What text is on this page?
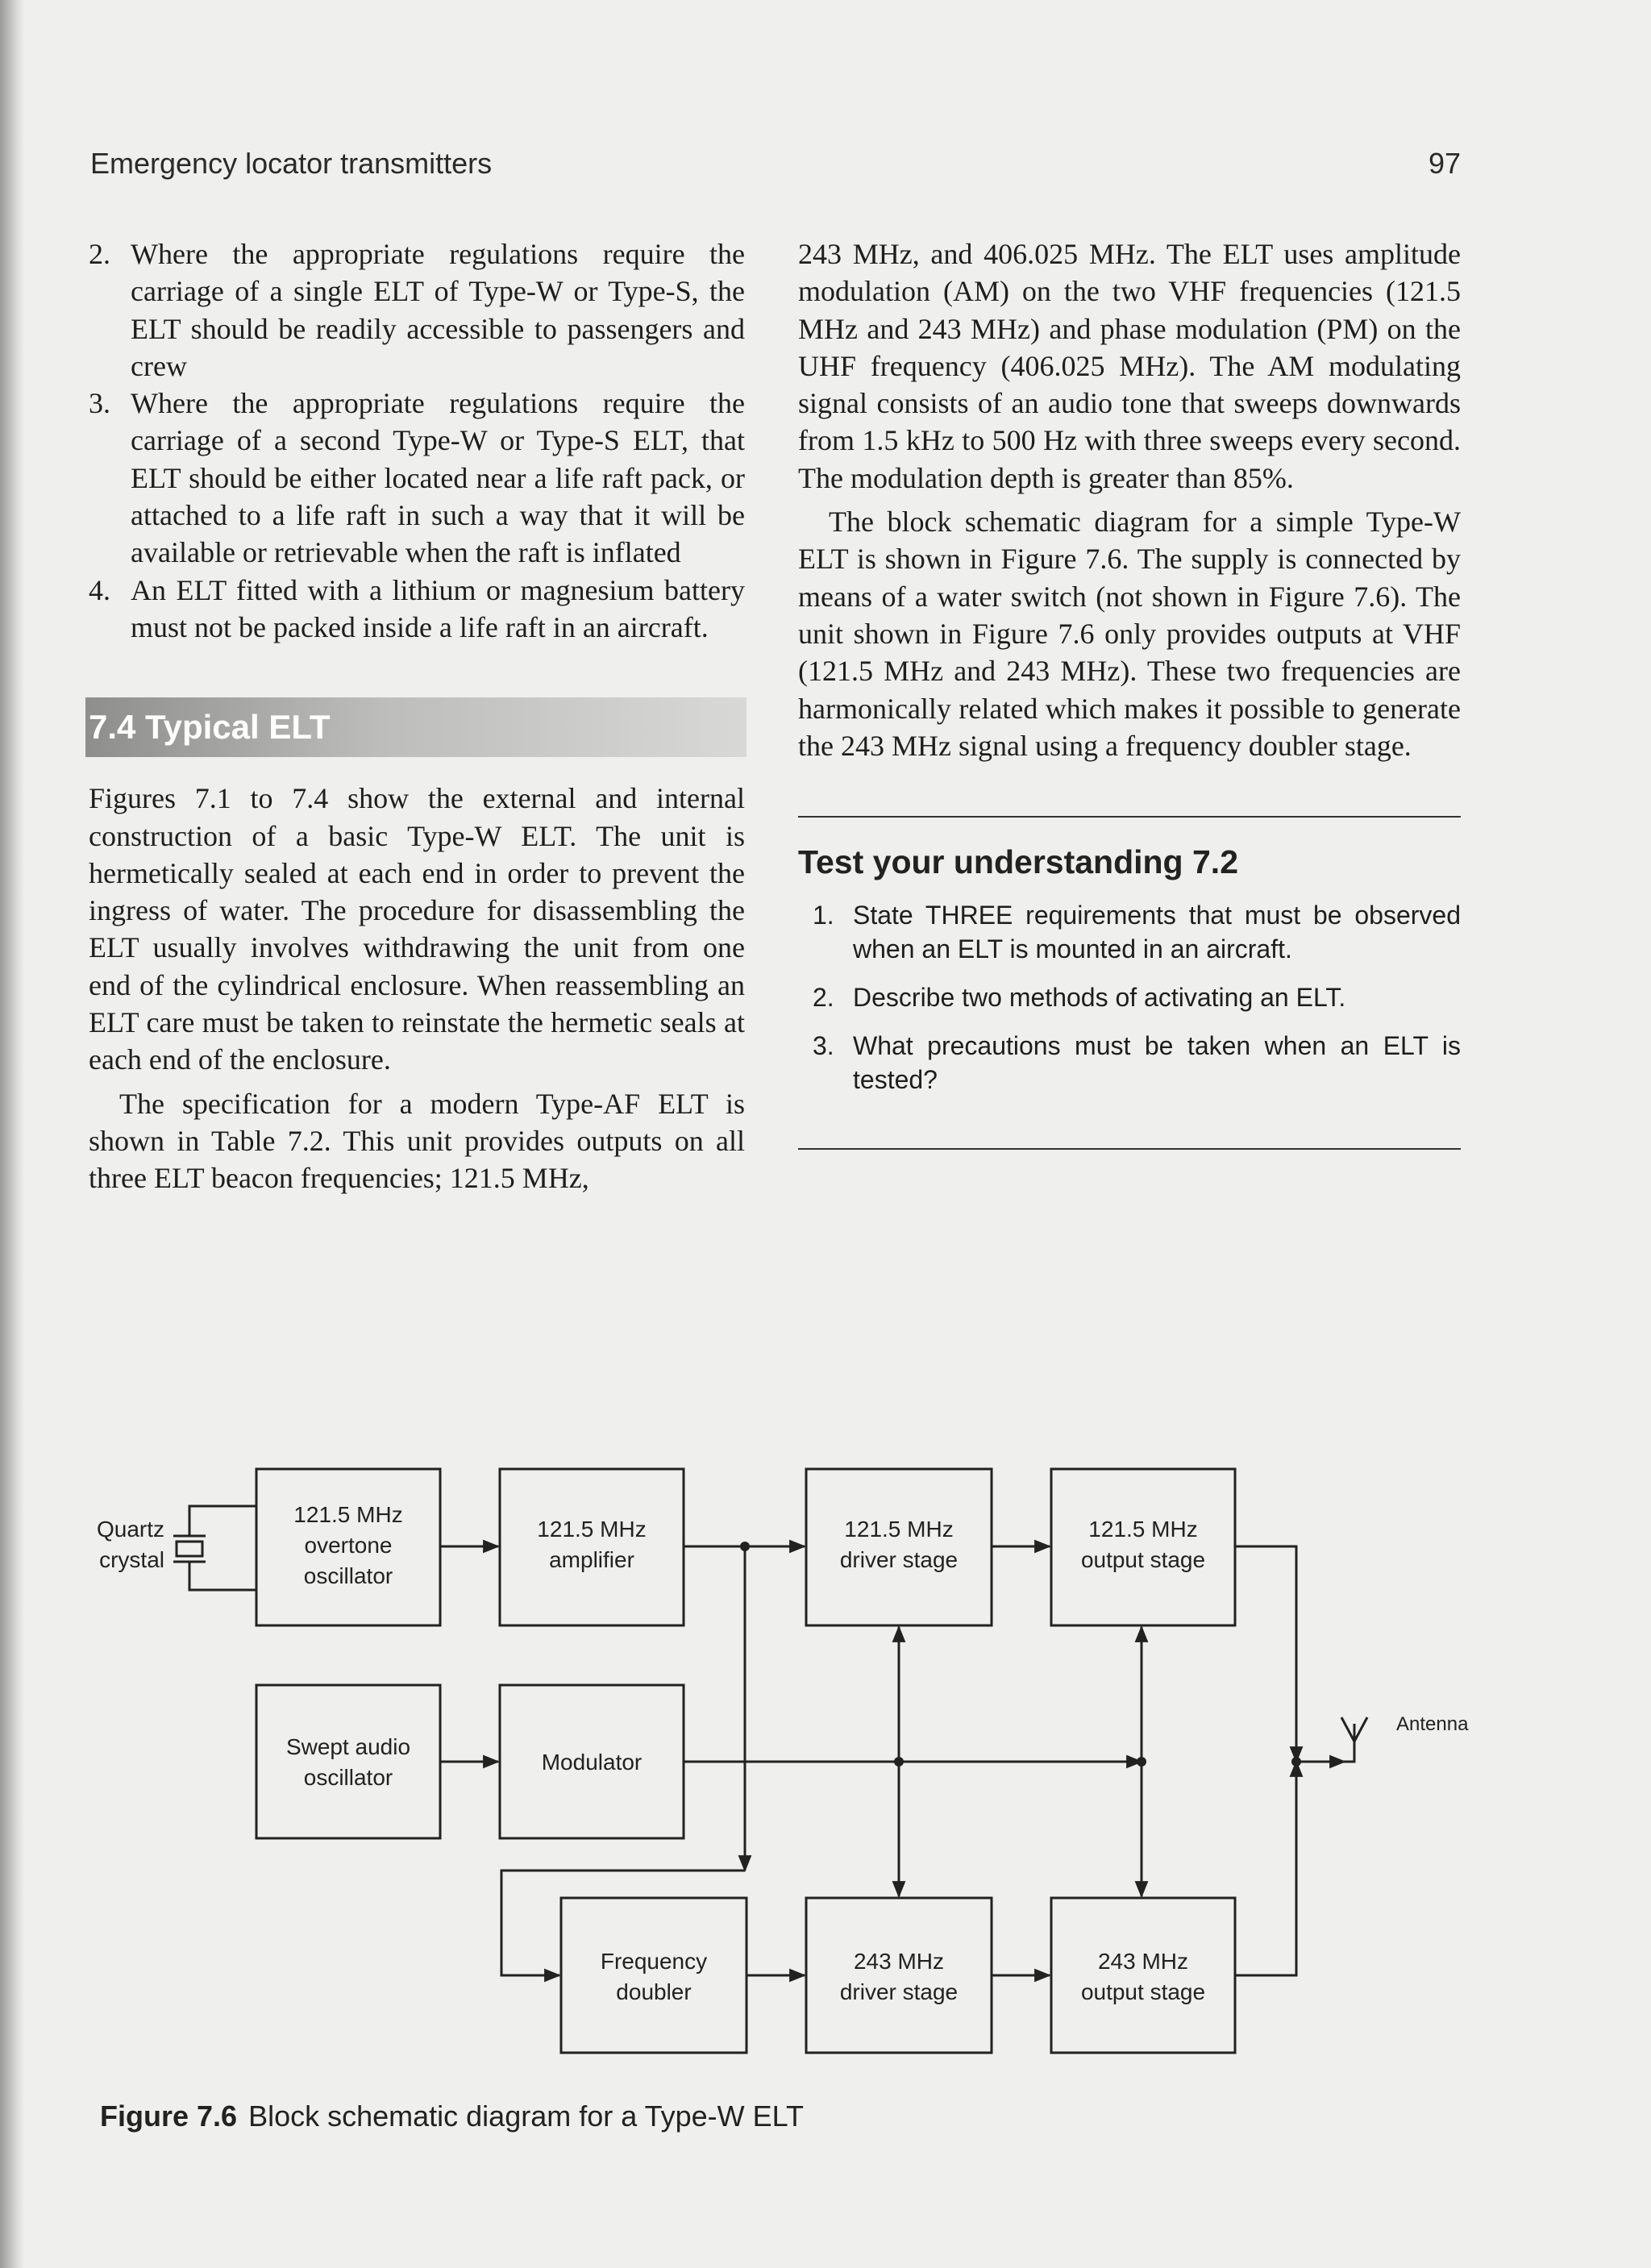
Emergency locator transmitters	97
2. Where the appropriate regulations require the carriage of a single ELT of Type-W or Type-S, the ELT should be readily accessible to passengers and crew
3. Where the appropriate regulations require the carriage of a second Type-W or Type-S ELT, that ELT should be either located near a life raft pack, or attached to a life raft in such a way that it will be available or retrievable when the raft is inflated
4. An ELT fitted with a lithium or magnesium battery must not be packed inside a life raft in an aircraft.
7.4 Typical ELT

Figures 7.1 to 7.4 show the external and internal construction of a basic Type-W ELT. The unit is hermetically sealed at each end in order to prevent the ingress of water. The procedure for disassembling the ELT usually involves withdrawing the unit from one end of the cylindrical enclosure. When reassembling an ELT care must be taken to reinstate the hermetic seals at each end of the enclosure.

The specification for a modern Type-AF ELT is shown in Table 7.2. This unit provides outputs on all three ELT beacon frequencies; 121.5 MHz,

243 MHz, and 406.025 MHz. The ELT uses amplitude modulation (AM) on the two VHF frequencies (121.5 MHz and 243 MHz) and phase modulation (PM) on the UHF frequency (406.025 MHz). The AM modulating signal consists of an audio tone that sweeps downwards from 1.5 kHz to 500 Hz with three sweeps every second. The modulation depth is greater than 85%.

The block schematic diagram for a simple Type-W ELT is shown in Figure 7.6. The supply is connected by means of a water switch (not shown in Figure 7.6). The unit shown in Figure 7.6 only provides outputs at VHF (121.5 MHz and 243 MHz). These two frequencies are harmonically related which makes it possible to generate the 243 MHz signal using a frequency doubler stage.

Test your understanding 7.2
1. State THREE requirements that must be observed when an ELT is mounted in an aircraft.
2. Describe two methods of activating an ELT.
3. What precautions must be taken when an ELT is tested?
121.5 MHz
overtone
oscillator
121.5 MHz
amplifier
121.5 MHz
driver stage
121.5 MHz
output stage
Swept audio
oscillator
Modulator
Frequency
doubler
243 MHz
driver stage
243 MHz
output stage
Quartz
crystal
Antenna
Figure 7.6 Block schematic diagram for a Type-W ELT
